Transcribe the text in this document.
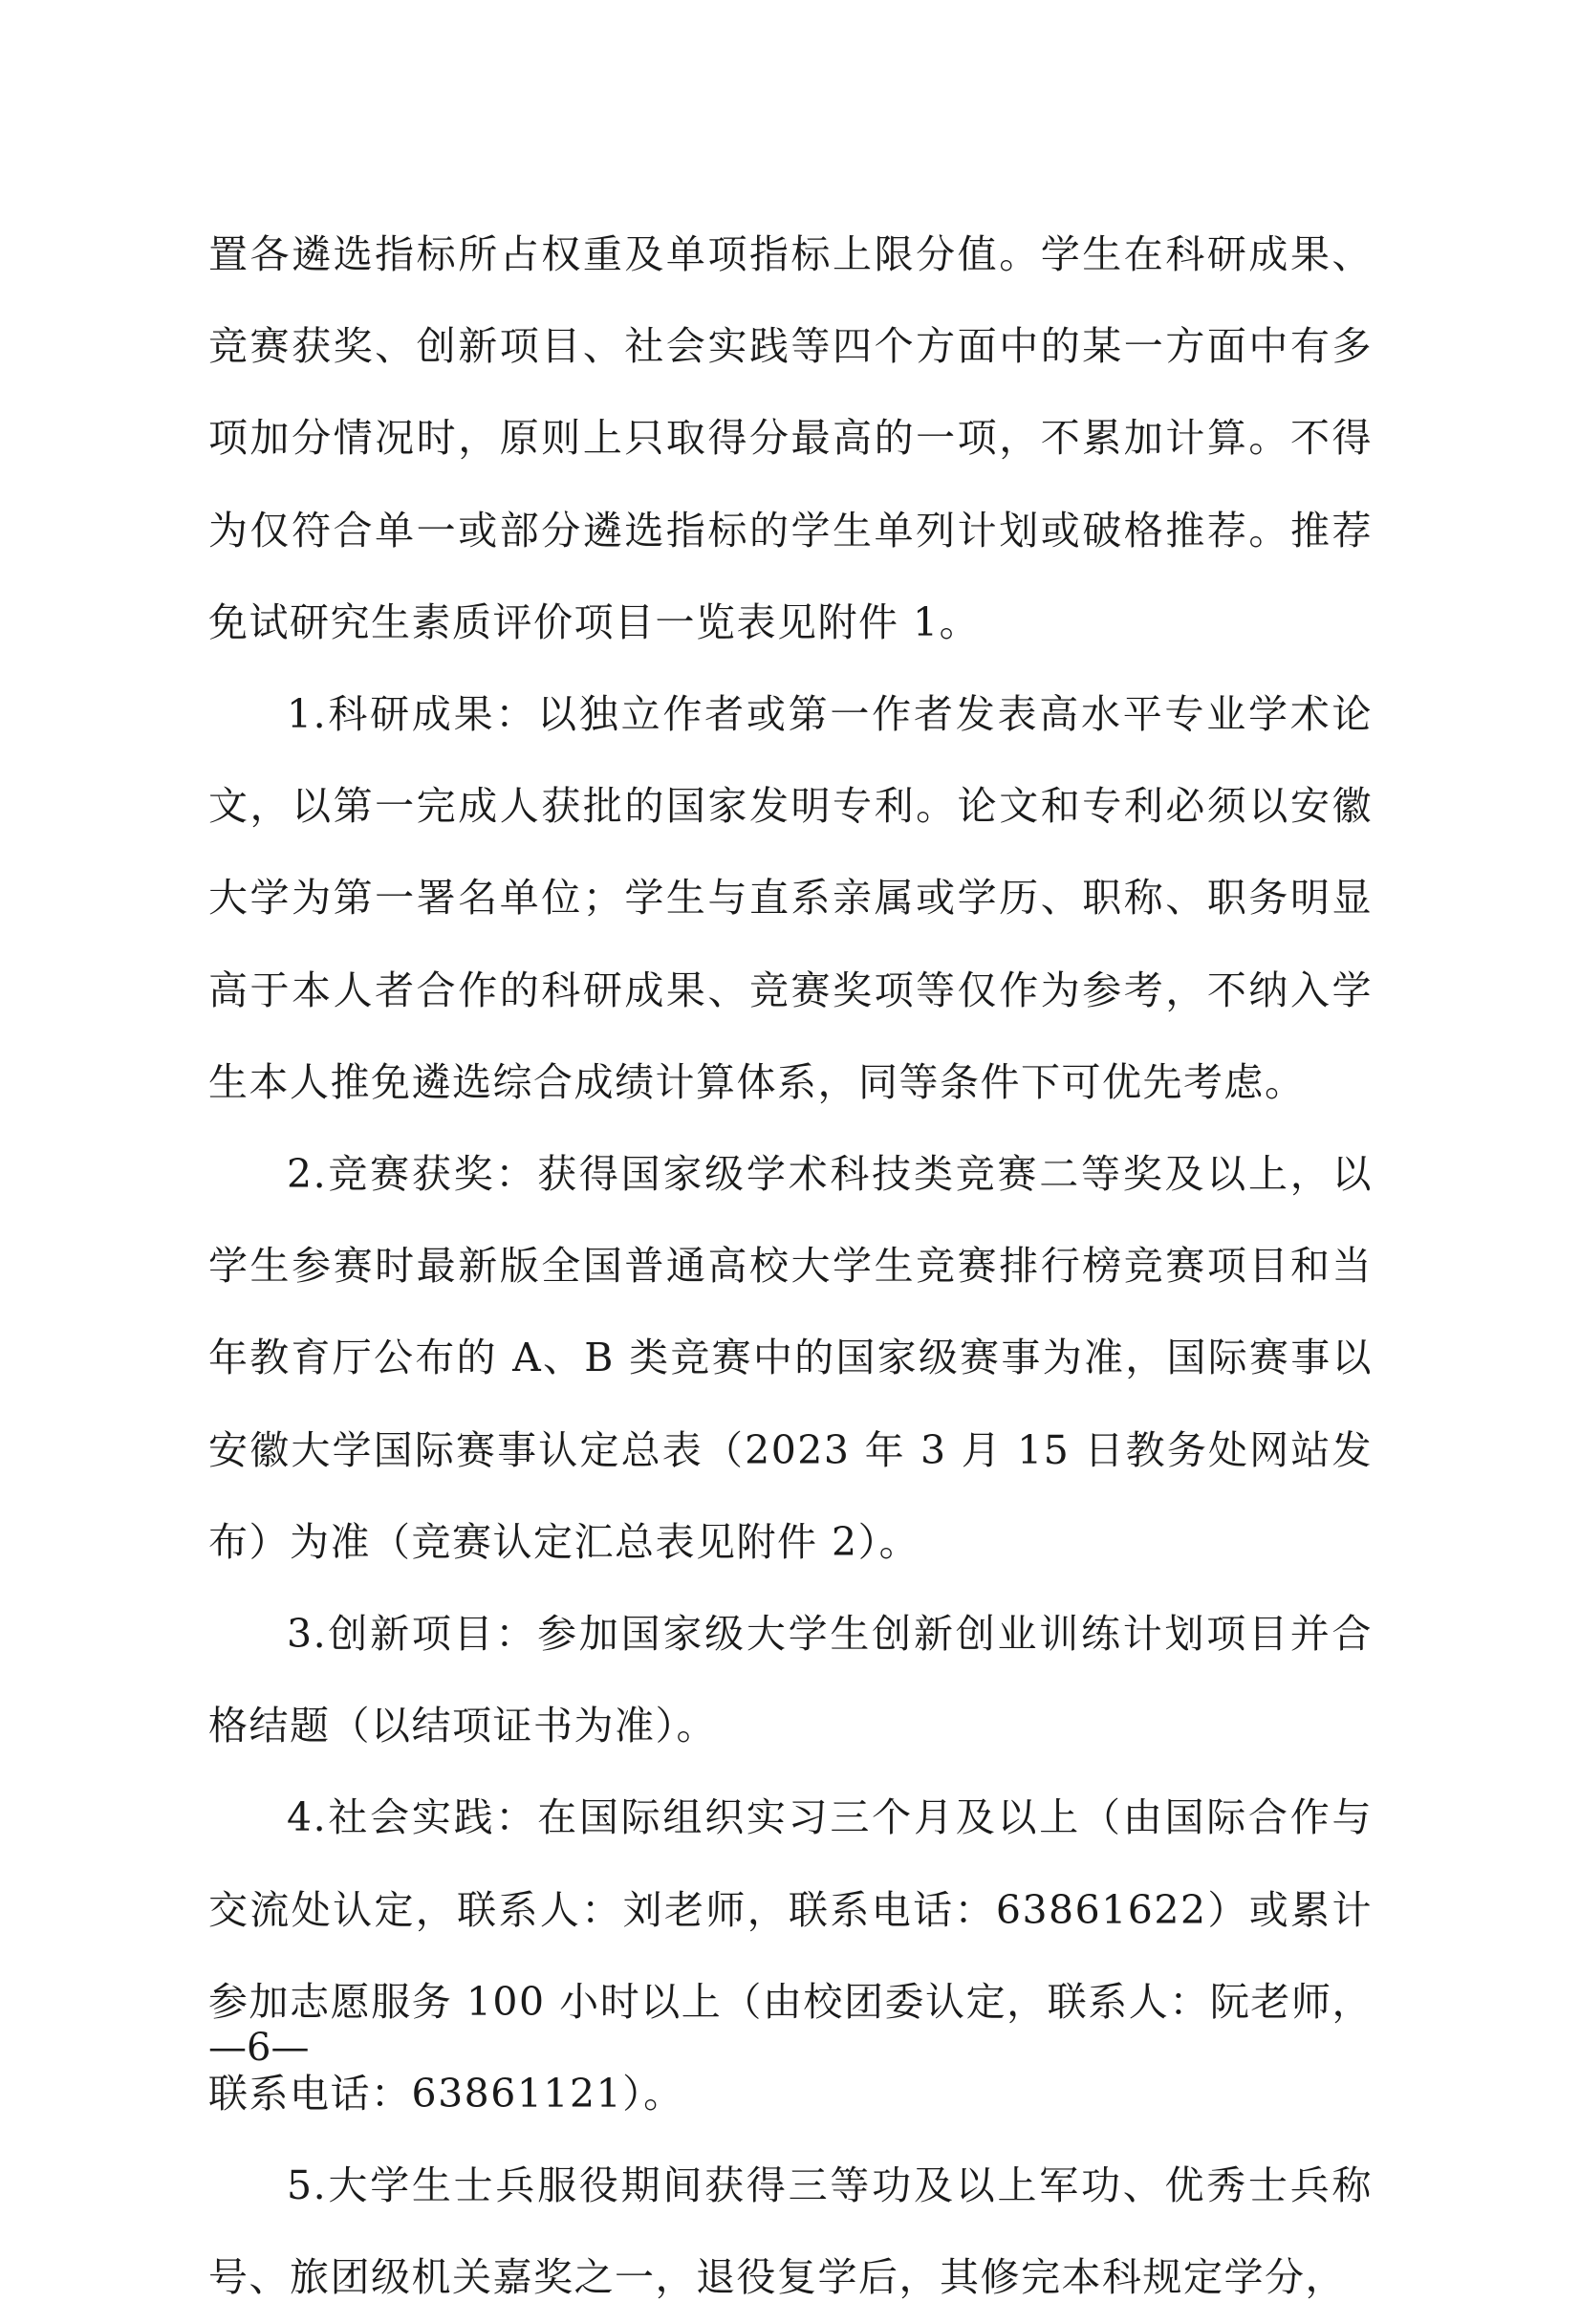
置各遴选指标所占权重及单项指标上限分值。学生在科研成果、竞赛获奖、创新项目、社会实践等四个方面中的某一方面中有多项加分情况时，原则上只取得分最高的一项，不累加计算。不得为仅符合单一或部分遴选指标的学生单列计划或破格推荐。推荐免试研究生素质评价项目一览表见附件 1。

1.科研成果：以独立作者或第一作者发表高水平专业学术论文，以第一完成人获批的国家发明专利。论文和专利必须以安徽大学为第一署名单位；学生与直系亲属或学历、职称、职务明显高于本人者合作的科研成果、竞赛奖项等仅作为参考，不纳入学生本人推免遴选综合成绩计算体系，同等条件下可优先考虑。

2.竞赛获奖：获得国家级学术科技类竞赛二等奖及以上，以学生参赛时最新版全国普通高校大学生竞赛排行榜竞赛项目和当年教育厅公布的 A、B 类竞赛中的国家级赛事为准，国际赛事以安徽大学国际赛事认定总表（2023 年 3 月 15 日教务处网站发布）为准（竞赛认定汇总表见附件 2）。

3.创新项目：参加国家级大学生创新创业训练计划项目并合格结题（以结项证书为准）。

4.社会实践：在国际组织实习三个月及以上（由国际合作与交流处认定，联系人：刘老师，联系电话：63861622）或累计参加志愿服务 100 小时以上（由校团委认定，联系人：阮老师，联系电话：63861121）。

5.大学生士兵服役期间获得三等功及以上军功、优秀士兵称号、旅团级机关嘉奖之一，退役复学后，其修完本科规定学分，

—6—
